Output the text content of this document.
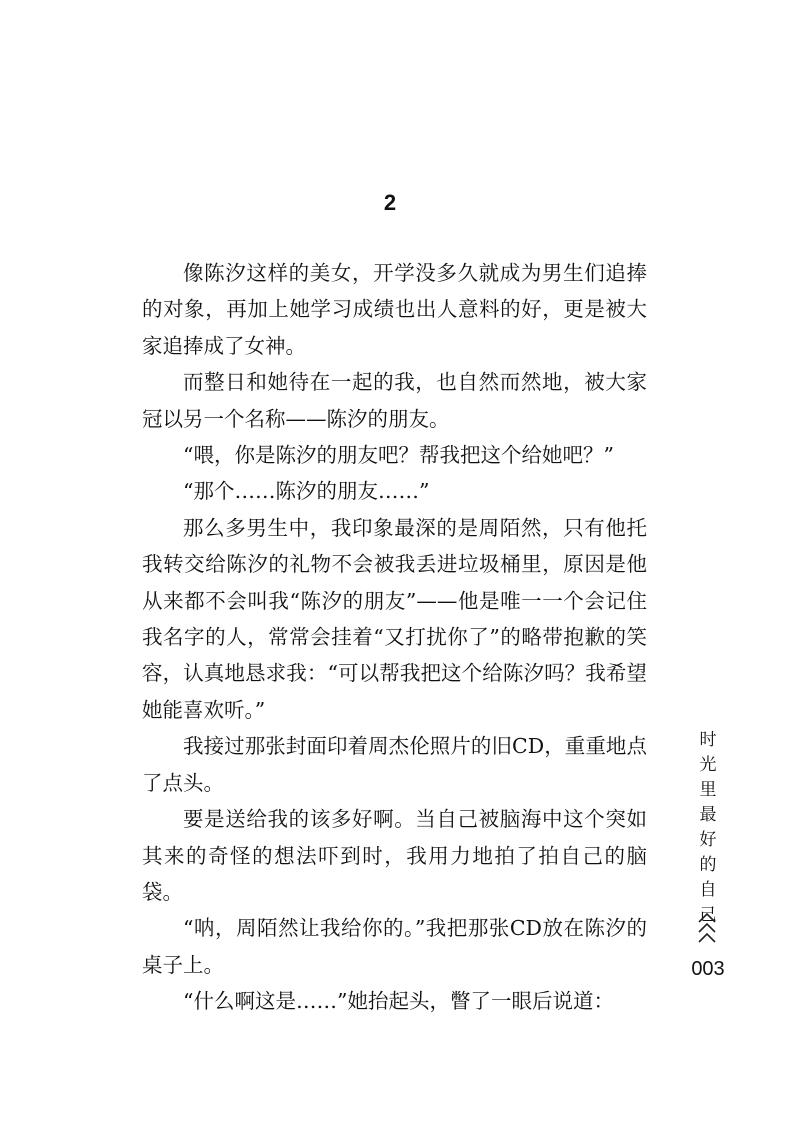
2

像陈汐这样的美女，开学没多久就成为男生们追捧的对象，再加上她学习成绩也出人意料的好，更是被大家追捧成了女神。

而整日和她待在一起的我，也自然而然地，被大家冠以另一个名称——陈汐的朋友。

“喂，你是陈汐的朋友吧？帮我把这个给她吧？”

“那个……陈汐的朋友……”

那么多男生中，我印象最深的是周陌然，只有他托我转交给陈汐的礼物不会被我丢进垃圾桶里，原因是他从来都不会叫我“陈汐的朋友”——他是唯一一个会记住我名字的人，常常会挂着“又打扰你了”的略带抱歉的笑容，认真地恳求我：“可以帮我把这个给陈汐吗？我希望她能喜欢听。”

我接过那张封面印着周杰伦照片的旧CD，重重地点了点头。

要是送给我的该多好啊。当自己被脑海中这个突如其来的奇怪的想法吓到时，我用力地拍了拍自己的脑袋。

“呐，周陌然让我给你的。”我把那张CD放在陈汐的桌子上。

“什么啊这是……”她抬起头，瞥了一眼后说道：

时光里最好的自己
003
